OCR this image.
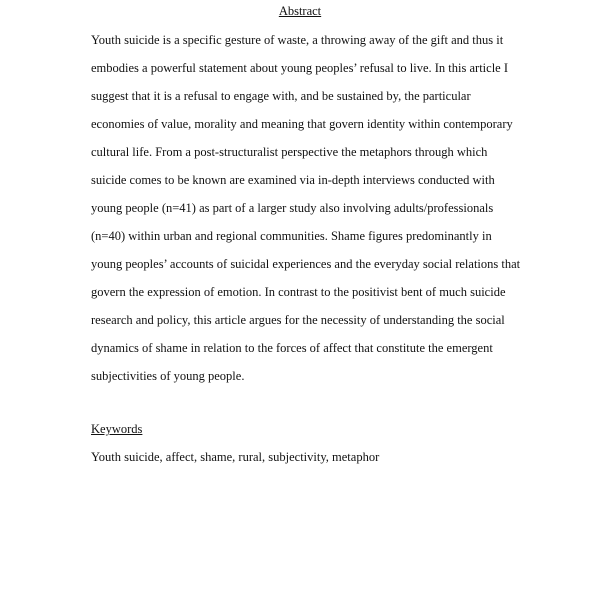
Abstract
Youth suicide is a specific gesture of waste, a throwing away of the gift and thus it
embodies a powerful statement about young peoples’ refusal to live. In this article I
suggest that it is a refusal to engage with, and be sustained by, the particular
economies of value, morality and meaning that govern identity within contemporary
cultural life. From a post-structuralist perspective the metaphors through which
suicide comes to be known are examined via in-depth interviews conducted with
young people (n=41) as part of a larger study also involving adults/professionals
(n=40) within urban and regional communities. Shame figures predominantly in
young peoples’ accounts of suicidal experiences and the everyday social relations that
govern the expression of emotion. In contrast to the positivist bent of much suicide
research and policy, this article argues for the necessity of understanding the social
dynamics of shame in relation to the forces of affect that constitute the emergent
subjectivities of young people.
Keywords
Youth suicide, affect, shame, rural, subjectivity, metaphor
